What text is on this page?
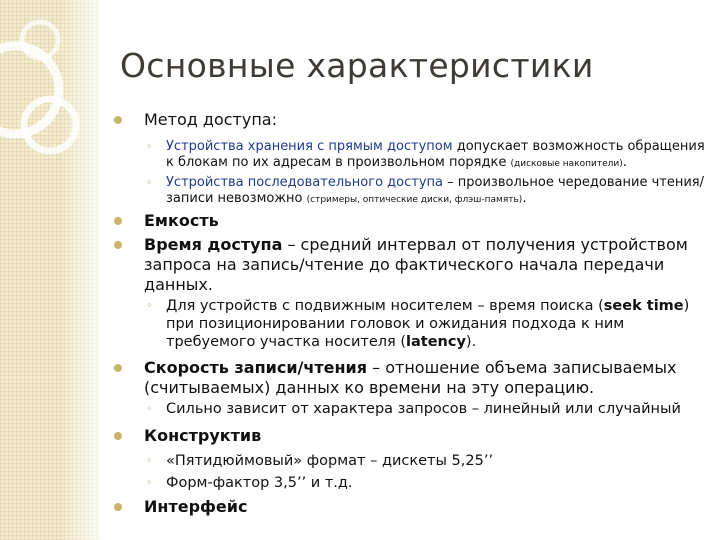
Основные характеристики
Метод доступа:
◦ Устройства хранения с прямым доступом допускает возможность обращения к блокам по их адресам в произвольном порядке (дисковые накопители).
◦ Устройства последовательного доступа – произвольное чередование чтения/записи невозможно (стримеры, оптические диски, флэш-память).
Емкость
Время доступа – средний интервал от получения устройством запроса на запись/чтение до фактического начала передачи данных.
◦ Для устройств с подвижным носителем – время поиска (seek time) при позиционировании головок и ожидания подхода к ним требуемого участка носителя (latency).
Скорость записи/чтения – отношение объема записываемых (считываемых) данных ко времени на эту операцию.
◦ Сильно зависит от характера запросов – линейный или случайный
Конструктив
◦ «Пятидюймовый» формат – дискеты 5,25’’
◦ Форм-фактор 3,5’’ и т.д.
Интерфейс
